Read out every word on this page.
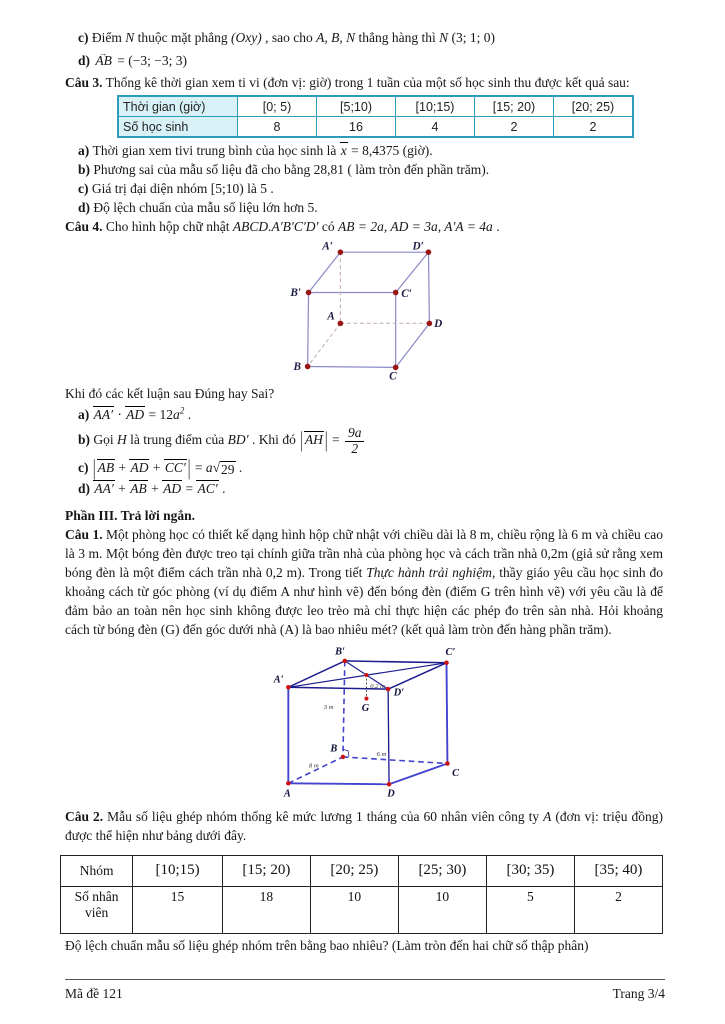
c) Điểm N thuộc mặt phẳng (Oxy) , sao cho A, B, N thẳng hàng thì N (3; 1; 0)
d) AB → = (−3; −3; 3)
Câu 3. Thống kê thời gian xem ti vi (đơn vị: giờ) trong 1 tuần của một số học sinh thu được kết quả sau:
Thời gian (giờ)	[0; 5)	[5;10)	[10;15)	[15; 20)	[20; 25)
Số học sinh	8	16	4	2	2
a) Thời gian xem tivi trung bình của học sinh là x = 8,4375 (giờ).
b) Phương sai của mẫu số liệu đã cho bằng 28,81 ( làm tròn đến phần trăm).
c) Giá trị đại diện nhóm [5;10) là 5 .
d) Độ lệch chuẩn của mẫu số liệu lớn hơn 5.
Câu 4. Cho hình hộp chữ nhật ABCD.A′B′C′D′ có AB = 2a, AD = 3a, A′A = 4a .
A′	D′
B′	C′
A
D
B
C
Khi đó các kết luận sau Đúng hay Sai?
a) AA′ ⋅ AD = $12a^2$ .
b) Gọi H là trung điểm của BD′ . Khi đó | AH | = $\frac{9a}{2}$
c) | AB + AD + CC′ | = a √ 29 .
d) AA′ + AB + AD = AC′ .
Phần III. Trả lời ngắn.
Câu 1. Một phòng học có thiết kế dạng hình hộp chữ nhật với chiều dài là 8 m, chiều rộng là 6 m và chiều cao là 3 m. Một bóng đèn được treo tại chính giữa trần nhà của phòng học và cách trần nhà 0,2m (giả sử rằng xem bóng đèn là một điểm cách trần nhà 0,2 m). Trong tiết Thực hành trải nghiệm, thầy giáo yêu cầu học sinh đo khoảng cách từ góc phòng (ví dụ điểm A như hình vẽ) đến bóng đèn (điểm G trên hình vẽ) với yêu cầu là để đảm bảo an toàn nên học sinh không được leo trèo mà chỉ thực hiện các phép đo trên sàn nhà. Hỏi khoảng cách từ bóng đèn (G) đến góc dưới nhà (A) là bao nhiêu mét? (kết quả làm tròn đến hàng phần trăm).
B′	C′
A′
D′
G
B
A	D
C
3 m
0,2 m
8 m
6 m
Câu 2. Mẫu số liệu ghép nhóm thống kê mức lương 1 tháng của 60 nhân viên công ty A (đơn vị: triệu đồng) được thể hiện như bảng dưới đây.
Nhóm	[10;15)	[15; 20)	[20; 25)	[25; 30)	[30; 35)	[35; 40)
Số nhân viên	15	18	10	10	5	2
Độ lệch chuẩn mẫu số liệu ghép nhóm trên bằng bao nhiêu? (Làm tròn đến hai chữ số thập phân)
Mã đề 121	Trang 3/4
